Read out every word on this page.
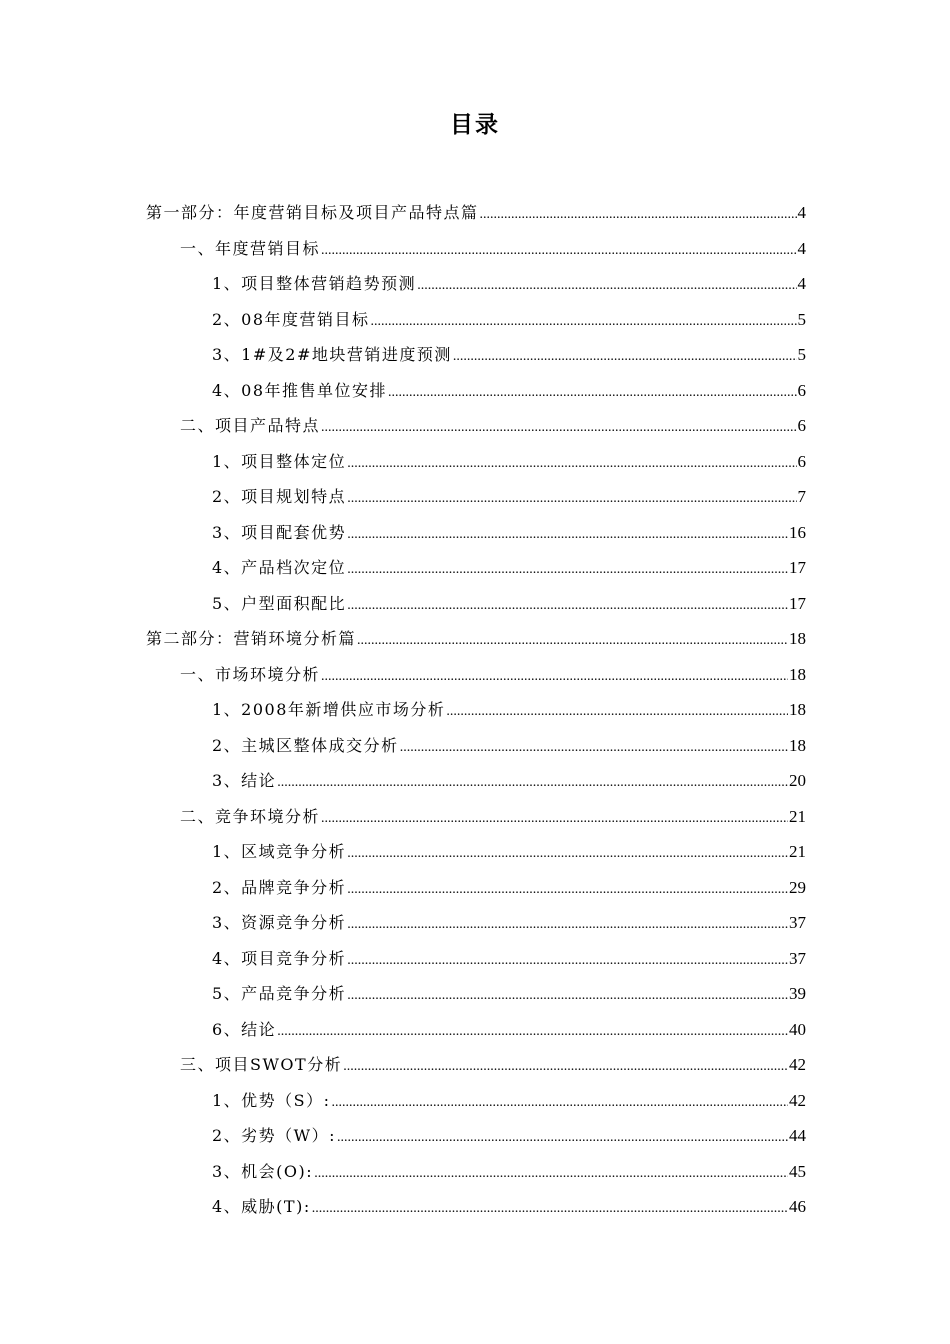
目录
第一部分：年度营销目标及项目产品特点篇 .....	4
一、年度营销目标 .....	4
1、项目整体营销趋势预测 .....	4
2、08年度营销目标 .....	5
3、1#及2#地块营销进度预测 .....	5
4、08年推售单位安排 .....	6
二、项目产品特点 .....	6
1、项目整体定位 .....	6
2、项目规划特点 .....	7
3、项目配套优势 .....	16
4、产品档次定位 .....	17
5、户型面积配比 .....	17
第二部分：营销环境分析篇 .....	18
一、市场环境分析 .....	18
1、2008年新增供应市场分析 .....	18
2、主城区整体成交分析 .....	18
3、结论 .....	20
二、竞争环境分析 .....	21
1、区域竞争分析 .....	21
2、品牌竞争分析 .....	29
3、资源竞争分析 .....	37
4、项目竞争分析 .....	37
5、产品竞争分析 .....	39
6、结论 .....	40
三、项目SWOT分析 .....	42
1、优势（S）: .....	42
2、劣势（W）: .....	44
3、机会(O): .....	45
4、威胁(T): .....	46
